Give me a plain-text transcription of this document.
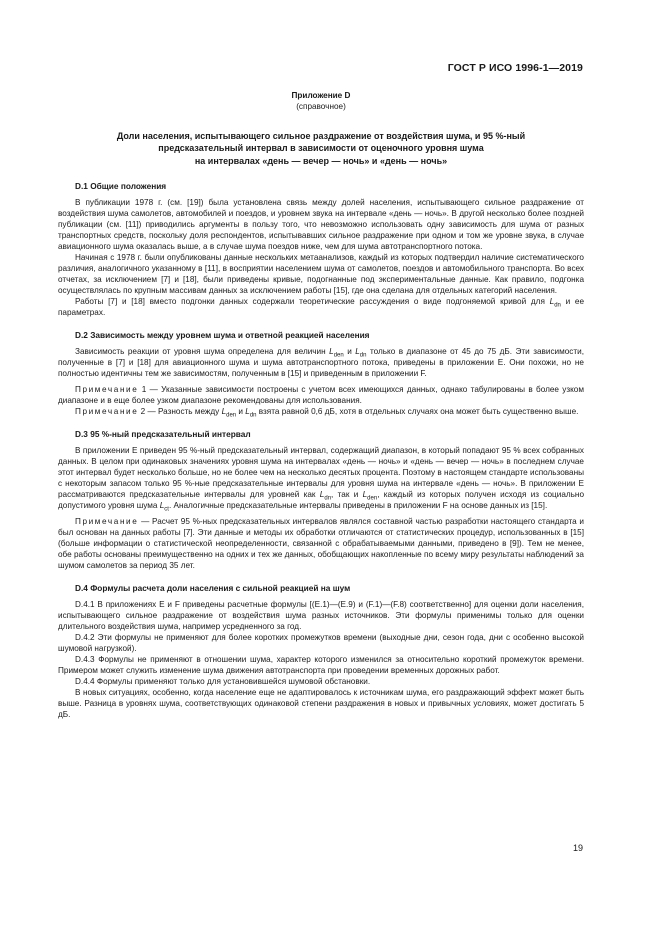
ГОСТ Р ИСО 1996-1—2019

Приложение D

(справочное)

Доли населения, испытывающего сильное раздражение от воздействия шума, и 95 %-ный
предсказательный интервал в зависимости от оценочного уровня шума
на интервалах «день — вечер — ночь» и «день — ночь»
D.1 Общие положения

В публикации 1978 г. (см. [19]) была установлена связь между долей населения, испытывающего сильное раздражение от воздействия шума самолетов, автомобилей и поездов, и уровнем звука на интервале «день — ночь». В другой несколько более поздней публикации (см. [11]) приводились аргументы в пользу того, что невозможно использовать одну зависимость для шума от разных транспортных средств, поскольку доля респондентов, испытывавших сильное раздражение при одном и том же уровне звука, в случае авиационного шума оказалась выше, а в случае шума поездов ниже, чем для шума автотранспортного потока.

Начиная с 1978 г. были опубликованы данные нескольких метаанализов, каждый из которых подтвердил наличие систематического различия, аналогичного указанному в [11], в восприятии населением шума от самолетов, поездов и автомобильного транспорта. Во всех отчетах, за исключением [7] и [18], были приведены кривые, подогнанные под экспериментальные данные. Как правило, подгонка осуществлялась по крупным массивам данных за исключением работы [15], где она сделана для отдельных категорий населения.

Работы [7] и [18] вместо подгонки данных содержали теоретические рассуждения о виде подгоняемой кривой для $L_{dn}$ и ее параметрах.

D.2 Зависимость между уровнем шума и ответной реакцией населения

Зависимость реакции от уровня шума определена для величин $L_{den}$ и $L_{dn}$ только в диапазоне от 45 до 75 дБ. Эти зависимости, полученные в [7] и [18] для авиационного шума и шума автотранспортного потока, приведены в приложении E. Они похожи, но не полностью идентичны тем же зависимостям, полученным в [15] и приведенным в приложении F.

Примечание 1 — Указанные зависимости построены с учетом всех имеющихся данных, однако табулированы в более узком диапазоне и в еще более узком диапазоне рекомендованы для использования.

Примечание 2 — Разность между $L_{den}$ и $L_{dn}$ взята равной 0,6 дБ, хотя в отдельных случаях она может быть существенно выше.

D.3 95 %-ный предсказательный интервал

В приложении E приведен 95 %-ный предсказательный интервал, содержащий диапазон, в который попадают 95 % всех собранных данных. В целом при одинаковых значениях уровня шума на интервалах «день — ночь» и «день — вечер — ночь» в последнем случае этот интервал будет несколько больше, но не более чем на несколько десятых процента. Поэтому в настоящем стандарте использованы с некоторым запасом только 95 %-ные предсказательные интервалы для уровня шума на интервале «день — ночь». В приложении E рассматриваются предсказательные интервалы для уровней как $L_{dn}$, так и $L_{den}$, каждый из которых получен исходя из социально допустимого уровня шума $L_{ct}$. Аналогичные предсказательные интервалы приведены в приложении F на основе данных из [15].

Примечание — Расчет 95 %-ных предсказательных интервалов являлся составной частью разработки настоящего стандарта и был основан на данных работы [7]. Эти данные и методы их обработки отличаются от статистических процедур, использованных в [15] (больше информации о статистической неопределенности, связанной с обрабатываемыми данными, приведено в [9]). Тем не менее, обе работы основаны преимущественно на одних и тех же данных, обобщающих накопленные по всему миру результаты наблюдений за шумом самолетов за период 35 лет.

D.4 Формулы расчета доли населения с сильной реакцией на шум

D.4.1 В приложениях E и F приведены расчетные формулы [(E.1)—(E.9) и (F.1)—(F.8) соответственно] для оценки доли населения, испытывающего сильное раздражение от воздействия шума разных источников. Эти формулы применимы только для оценки длительного воздействия шума, например усредненного за год.

D.4.2 Эти формулы не применяют для более коротких промежутков времени (выходные дни, сезон года, дни с особенно высокой шумовой нагрузкой).

D.4.3 Формулы не применяют в отношении шума, характер которого изменился за относительно короткий промежуток времени. Примером может служить изменение шума движения автотранспорта при проведении временных дорожных работ.

D.4.4 Формулы применяют только для установившейся шумовой обстановки.

В новых ситуациях, особенно, когда население еще не адаптировалось к источникам шума, его раздражающий эффект может быть выше. Разница в уровнях шума, соответствующих одинаковой степени раздражения в новых и привычных условиях, может достигать 5 дБ.

19
